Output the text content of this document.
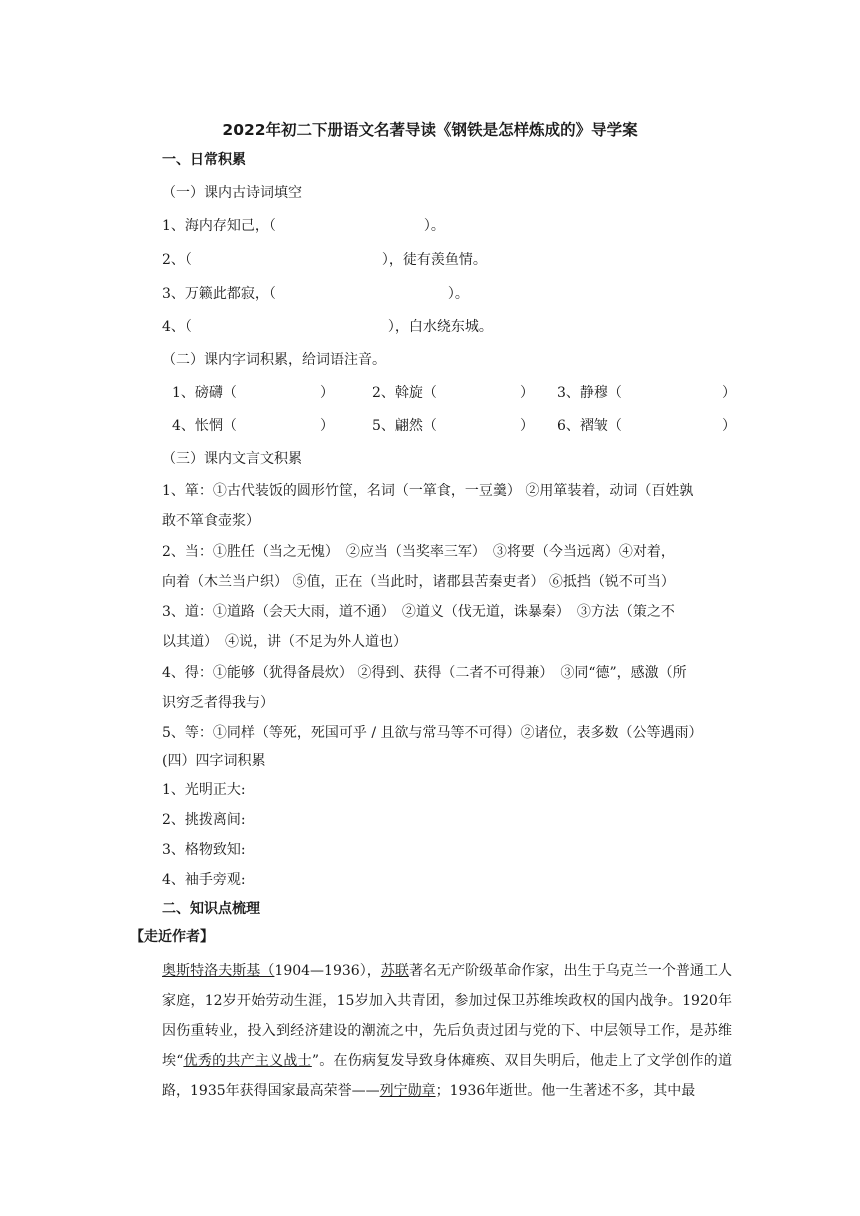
2022年初二下册语文名著导读《钢铁是怎样炼成的》导学案
一、日常积累
（一）课内古诗词填空
1、海内存知己，（	）。
2、（	），徒有羡鱼情。
3、万籁此都寂，（	）。
4、（	），白水绕东城。
（二）课内字词积累，给词语注音。
1、磅礴（	）	2、斡旋（	） 3、静穆（	）
4、怅惘（	）	5、翩然（	） 6、褶皱（	）
（三）课内文言文积累
1、箪：①古代装饭的圆形竹筐，名词（一箪食，一豆羹） ②用箪装着，动词（百姓孰
敢不箪食壶浆）
2、当：①胜任（当之无愧）　②应当（当奖率三军）　③将要（今当远离）④对着，
向着（木兰当户织） ⑤值，正在（当此时，诸郡县苦秦吏者） ⑥抵挡（锐不可当）
3、道：①道路（会天大雨，道不通）　②道义（伐无道，诛暴秦）　③方法（策之不
以其道）　④说，讲（不足为外人道也）
4、得：①能够（犹得备晨炊） ②得到、获得（二者不可得兼）　③同“德”，感激（所
识穷乏者得我与）
5、等：①同样（等死，死国可乎 / 且欲与常马等不可得）②诸位，表多数（公等遇雨）
(四）四字词积累
1、光明正大:
2、挑拨离间:
3、格物致知:
4、袖手旁观:
二、知识点梳理
【走近作者】
奥斯特洛夫斯基（1904—1936），苏联著名无产阶级革命作家，出生于乌克兰一个普通工人家庭，12岁开始劳动生涯，15岁加入共青团，参加过保卫苏维埃政权的国内战争。1920年因伤重转业，投入到经济建设的潮流之中，先后负责过团与党的下、中层领导工作，是苏维埃“优秀的共产主义战士”。在伤病复发导致身体瘫痪、双目失明后，他走上了文学创作的道路，1935年获得国家最高荣誉——列宁勋章；1936年逝世。他一生著述不多，其中最
